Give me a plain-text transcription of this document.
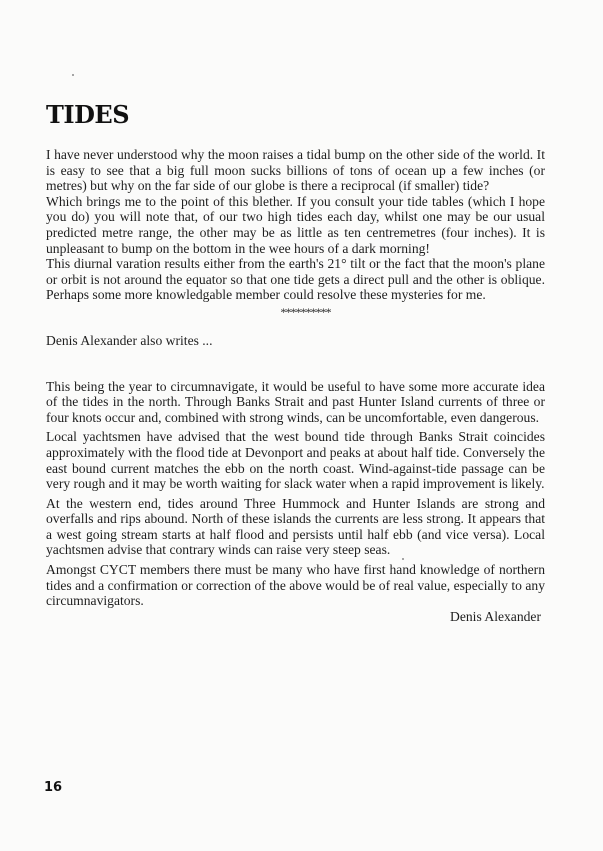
TIDES

I have never understood why the moon raises a tidal bump on the other side of the world. It is easy to see that a big full moon sucks billions of tons of ocean up a few inches (or metres) but why on the far side of our globe is there a reciprocal (if smaller) tide?

Which brings me to the point of this blether. If you consult your tide tables (which I hope you do) you will note that, of our two high tides each day, whilst one may be our usual predicted metre range, the other may be as little as ten centremetres (four inches). It is unpleasant to bump on the bottom in the wee hours of a dark morning!

This diurnal varation results either from the earth's 21° tilt or the fact that the moon's plane or orbit is not around the equator so that one tide gets a direct pull and the other is oblique. Perhaps some more knowledgable member could resolve these mysteries for me.

**********

Denis Alexander also writes ...

This being the year to circumnavigate, it would be useful to have some more accurate idea of the tides in the north. Through Banks Strait and past Hunter Island currents of three or four knots occur and, combined with strong winds, can be uncomfortable, even dangerous.

Local yachtsmen have advised that the west bound tide through Banks Strait coincides approximately with the flood tide at Devonport and peaks at about half tide. Conversely the east bound current matches the ebb on the north coast. Wind-against-tide passage can be very rough and it may be worth waiting for slack water when a rapid improvement is likely.

At the western end, tides around Three Hummock and Hunter Islands are strong and overfalls and rips abound. North of these islands the currents are less strong. It appears that a west going stream starts at half flood and persists until half ebb (and vice versa). Local yachtsmen advise that contrary winds can raise very steep seas.

Amongst CYCT members there must be many who have first hand knowledge of northern tides and a confirmation or correction of the above would be of real value, especially to any circumnavigators.

Denis Alexander

16
